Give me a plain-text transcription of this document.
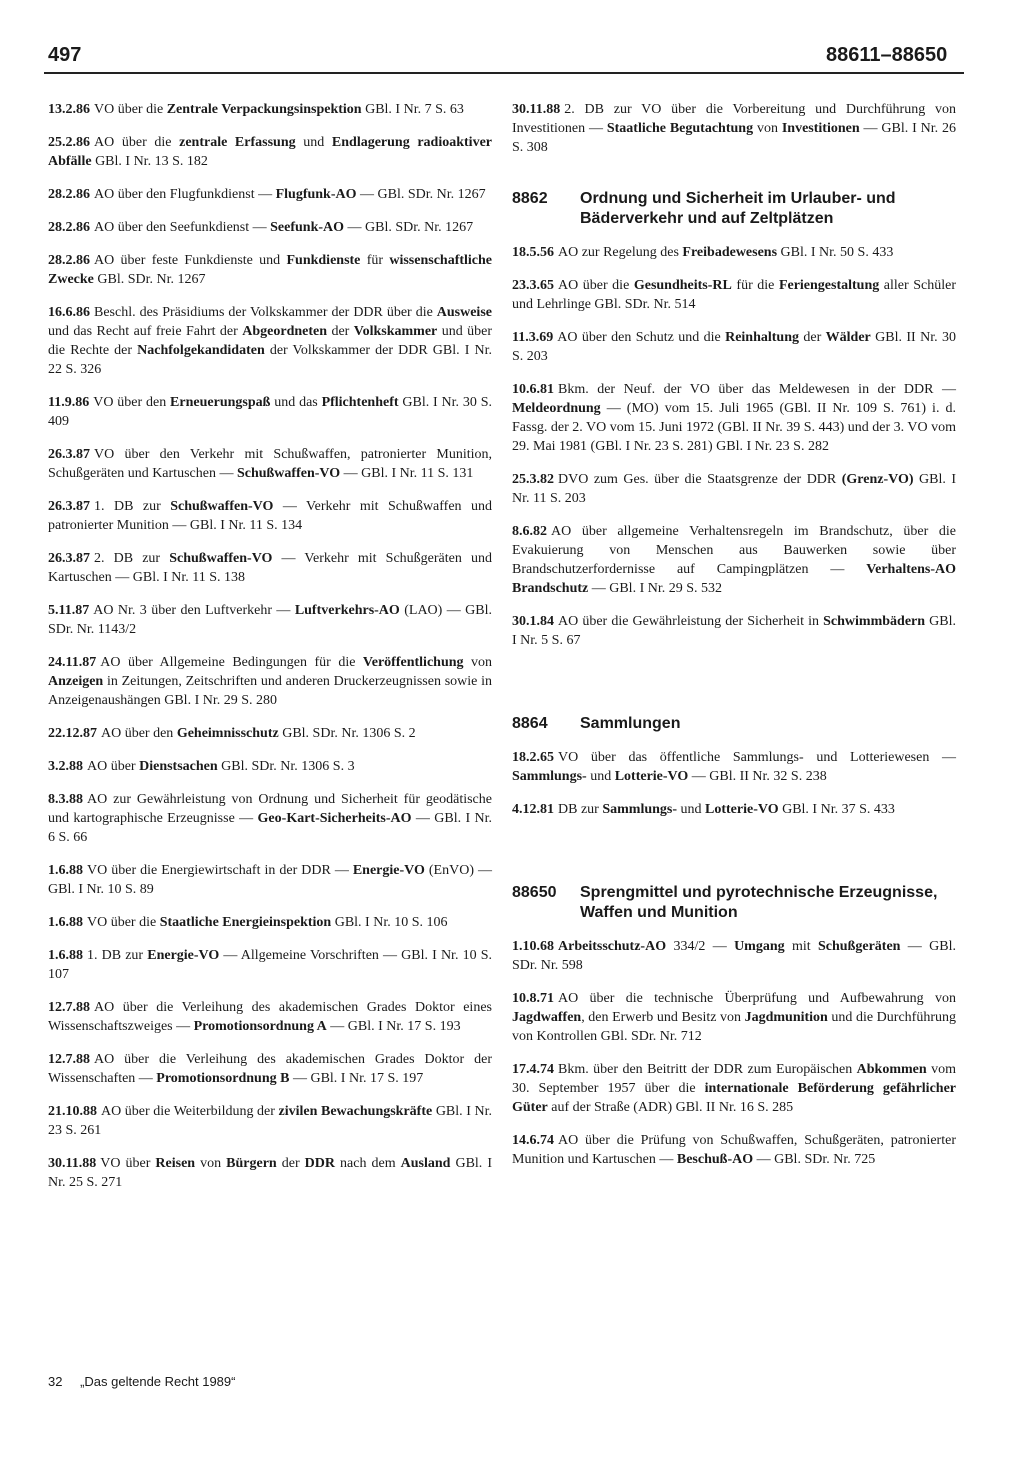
497	88611–88650

13.2.86 VO über die Zentrale Verpackungsinspektion GBl. I Nr. 7 S. 63

25.2.86 AO über die zentrale Erfassung und Endlagerung radioaktiver Abfälle GBl. I Nr. 13 S. 182

28.2.86 AO über den Flugfunkdienst — Flugfunk-AO — GBl. SDr. Nr. 1267

28.2.86 AO über den Seefunkdienst — Seefunk-AO — GBl. SDr. Nr. 1267

28.2.86 AO über feste Funkdienste und Funkdienste für wissenschaftliche Zwecke GBl. SDr. Nr. 1267

16.6.86 Beschl. des Präsidiums der Volkskammer der DDR über die Ausweise und das Recht auf freie Fahrt der Abgeordneten der Volkskammer und über die Rechte der Nachfolgekandidaten der Volkskammer der DDR GBl. I Nr. 22 S. 326

11.9.86 VO über den Erneuerungspaß und das Pflichtenheft GBl. I Nr. 30 S. 409

26.3.87 VO über den Verkehr mit Schußwaffen, patronierter Munition, Schußgeräten und Kartuschen — Schußwaffen-VO — GBl. I Nr. 11 S. 131

26.3.87 1. DB zur Schußwaffen-VO — Verkehr mit Schußwaffen und patronierter Munition — GBl. I Nr. 11 S. 134

26.3.87 2. DB zur Schußwaffen-VO — Verkehr mit Schußgeräten und Kartuschen — GBl. I Nr. 11 S. 138

5.11.87 AO Nr. 3 über den Luftverkehr — Luftverkehrs-AO (LAO) — GBl. SDr. Nr. 1143/2

24.11.87 AO über Allgemeine Bedingungen für die Veröffentlichung von Anzeigen in Zeitungen, Zeitschriften und anderen Druckerzeugnissen sowie in Anzeigenaushängen GBl. I Nr. 29 S. 280

22.12.87 AO über den Geheimnisschutz GBl. SDr. Nr. 1306 S. 2

3.2.88 AO über Dienstsachen GBl. SDr. Nr. 1306 S. 3

8.3.88 AO zur Gewährleistung von Ordnung und Sicherheit für geodätische und kartographische Erzeugnisse — Geo-Kart-Sicherheits-AO — GBl. I Nr. 6 S. 66

1.6.88 VO über die Energiewirtschaft in der DDR — Energie-VO (EnVO) — GBl. I Nr. 10 S. 89

1.6.88 VO über die Staatliche Energieinspektion GBl. I Nr. 10 S. 106

1.6.88 1. DB zur Energie-VO — Allgemeine Vorschriften — GBl. I Nr. 10 S. 107

12.7.88 AO über die Verleihung des akademischen Grades Doktor eines Wissenschaftszweiges — Promotionsordnung A — GBl. I Nr. 17 S. 193

12.7.88 AO über die Verleihung des akademischen Grades Doktor der Wissenschaften — Promotionsordnung B — GBl. I Nr. 17 S. 197

21.10.88 AO über die Weiterbildung der zivilen Bewachungskräfte GBl. I Nr. 23 S. 261

30.11.88 VO über Reisen von Bürgern der DDR nach dem Ausland GBl. I Nr. 25 S. 271

30.11.88 2. DB zur VO über die Vorbereitung und Durchführung von Investitionen — Staatliche Begutachtung von Investitionen — GBl. I Nr. 26 S. 308

8862	Ordnung und Sicherheit im Urlauber- und Bäderverkehr und auf Zeltplätzen

18.5.56 AO zur Regelung des Freibadewesens GBl. I Nr. 50 S. 433

23.3.65 AO über die Gesundheits-RL für die Feriengestaltung aller Schüler und Lehrlinge GBl. SDr. Nr. 514

11.3.69 AO über den Schutz und die Reinhaltung der Wälder GBl. II Nr. 30 S. 203

10.6.81 Bkm. der Neuf. der VO über das Meldewesen in der DDR — Meldeordnung — (MO) vom 15. Juli 1965 (GBl. II Nr. 109 S. 761) i. d. Fassg. der 2. VO vom 15. Juni 1972 (GBl. II Nr. 39 S. 443) und der 3. VO vom 29. Mai 1981 (GBl. I Nr. 23 S. 281) GBl. I Nr. 23 S. 282

25.3.82 DVO zum Ges. über die Staatsgrenze der DDR (Grenz-VO) GBl. I Nr. 11 S. 203

8.6.82 AO über allgemeine Verhaltensregeln im Brandschutz, über die Evakuierung von Menschen aus Bauwerken sowie über Brandschutzerfordernisse auf Campingplätzen — Verhaltens-AO Brandschutz — GBl. I Nr. 29 S. 532

30.1.84 AO über die Gewährleistung der Sicherheit in Schwimmbädern GBl. I Nr. 5 S. 67

8864	Sammlungen

18.2.65 VO über das öffentliche Sammlungs- und Lotteriewesen — Sammlungs- und Lotterie-VO — GBl. II Nr. 32 S. 238

4.12.81 DB zur Sammlungs- und Lotterie-VO GBl. I Nr. 37 S. 433

88650	Sprengmittel und pyrotechnische Erzeugnisse, Waffen und Munition

1.10.68 Arbeitsschutz-AO 334/2 — Umgang mit Schußgeräten — GBl. SDr. Nr. 598

10.8.71 AO über die technische Überprüfung und Aufbewahrung von Jagdwaffen, den Erwerb und Besitz von Jagdmunition und die Durchführung von Kontrollen GBl. SDr. Nr. 712

17.4.74 Bkm. über den Beitritt der DDR zum Europäischen Abkommen vom 30. September 1957 über die internationale Beförderung gefährlicher Güter auf der Straße (ADR) GBl. II Nr. 16 S. 285

14.6.74 AO über die Prüfung von Schußwaffen, Schußgeräten, patronierter Munition und Kartuschen — Beschuß-AO — GBl. SDr. Nr. 725

32 „Das geltende Recht 1989“
